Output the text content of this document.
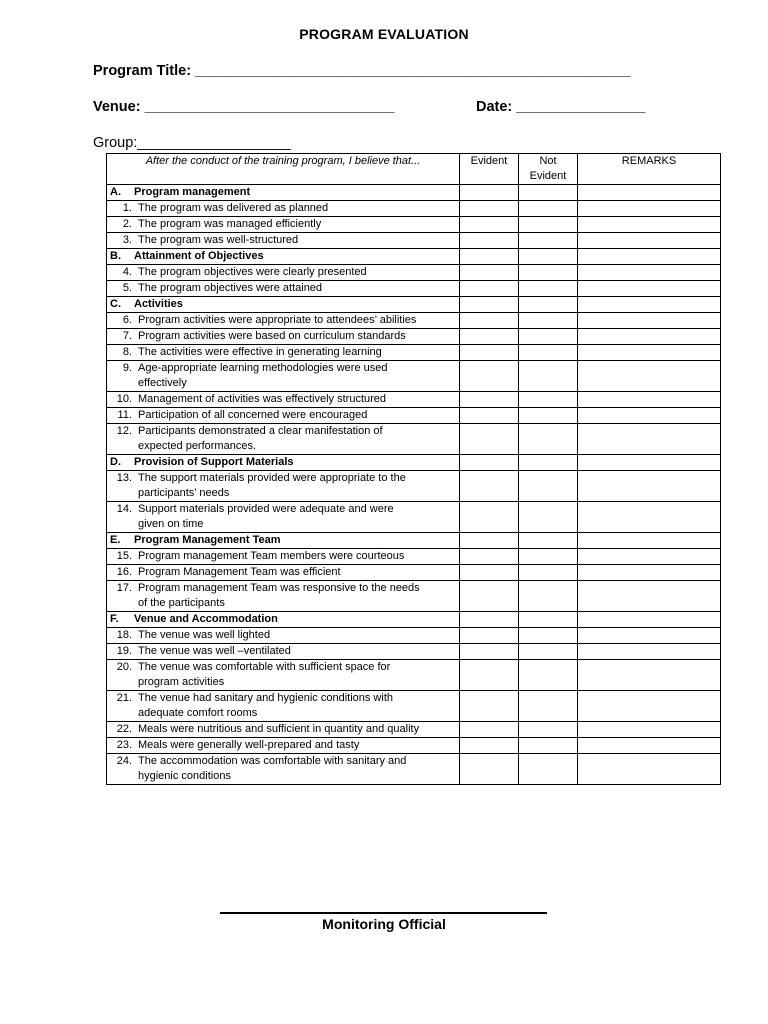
PROGRAM EVALUATION
Program Title: ______________________________________________________
Venue: _______________________________	Date: ________________
Group:___________________
After the conduct of the training program, I believe that...	Evident	Not Evident	REMARKS
A. Program management			
1. The program was delivered as planned			
2. The program was managed efficiently			
3. The program was well-structured			
B. Attainment of Objectives			
4. The program objectives were clearly presented			
5. The program objectives were attained			
C. Activities			
6. Program activities were appropriate to attendees’ abilities			
7. Program activities were based on curriculum standards			
8. The activities were effective in generating learning			
9. Age-appropriate learning methodologies were used effectively			
10. Management of activities was effectively structured			
11. Participation of all concerned were encouraged			
12. Participants demonstrated a clear manifestation of expected performances.			
D. Provision of Support Materials			
13. The support materials provided were appropriate to the participants’ needs			
14. Support materials provided were adequate and were given on time			
E. Program Management Team			
15. Program management Team members were courteous			
16. Program Management Team was efficient			
17. Program management Team was responsive to the needs of the participants			
F. Venue and Accommodation			
18. The venue was well lighted			
19. The venue was well –ventilated			
20. The venue was comfortable with sufficient space for program activities			
21. The venue had sanitary and hygienic conditions with adequate comfort rooms			
22. Meals were nutritious and sufficient in quantity and quality			
23. Meals were generally well-prepared and tasty			
24. The accommodation was comfortable with sanitary and hygienic conditions			
Monitoring Official
